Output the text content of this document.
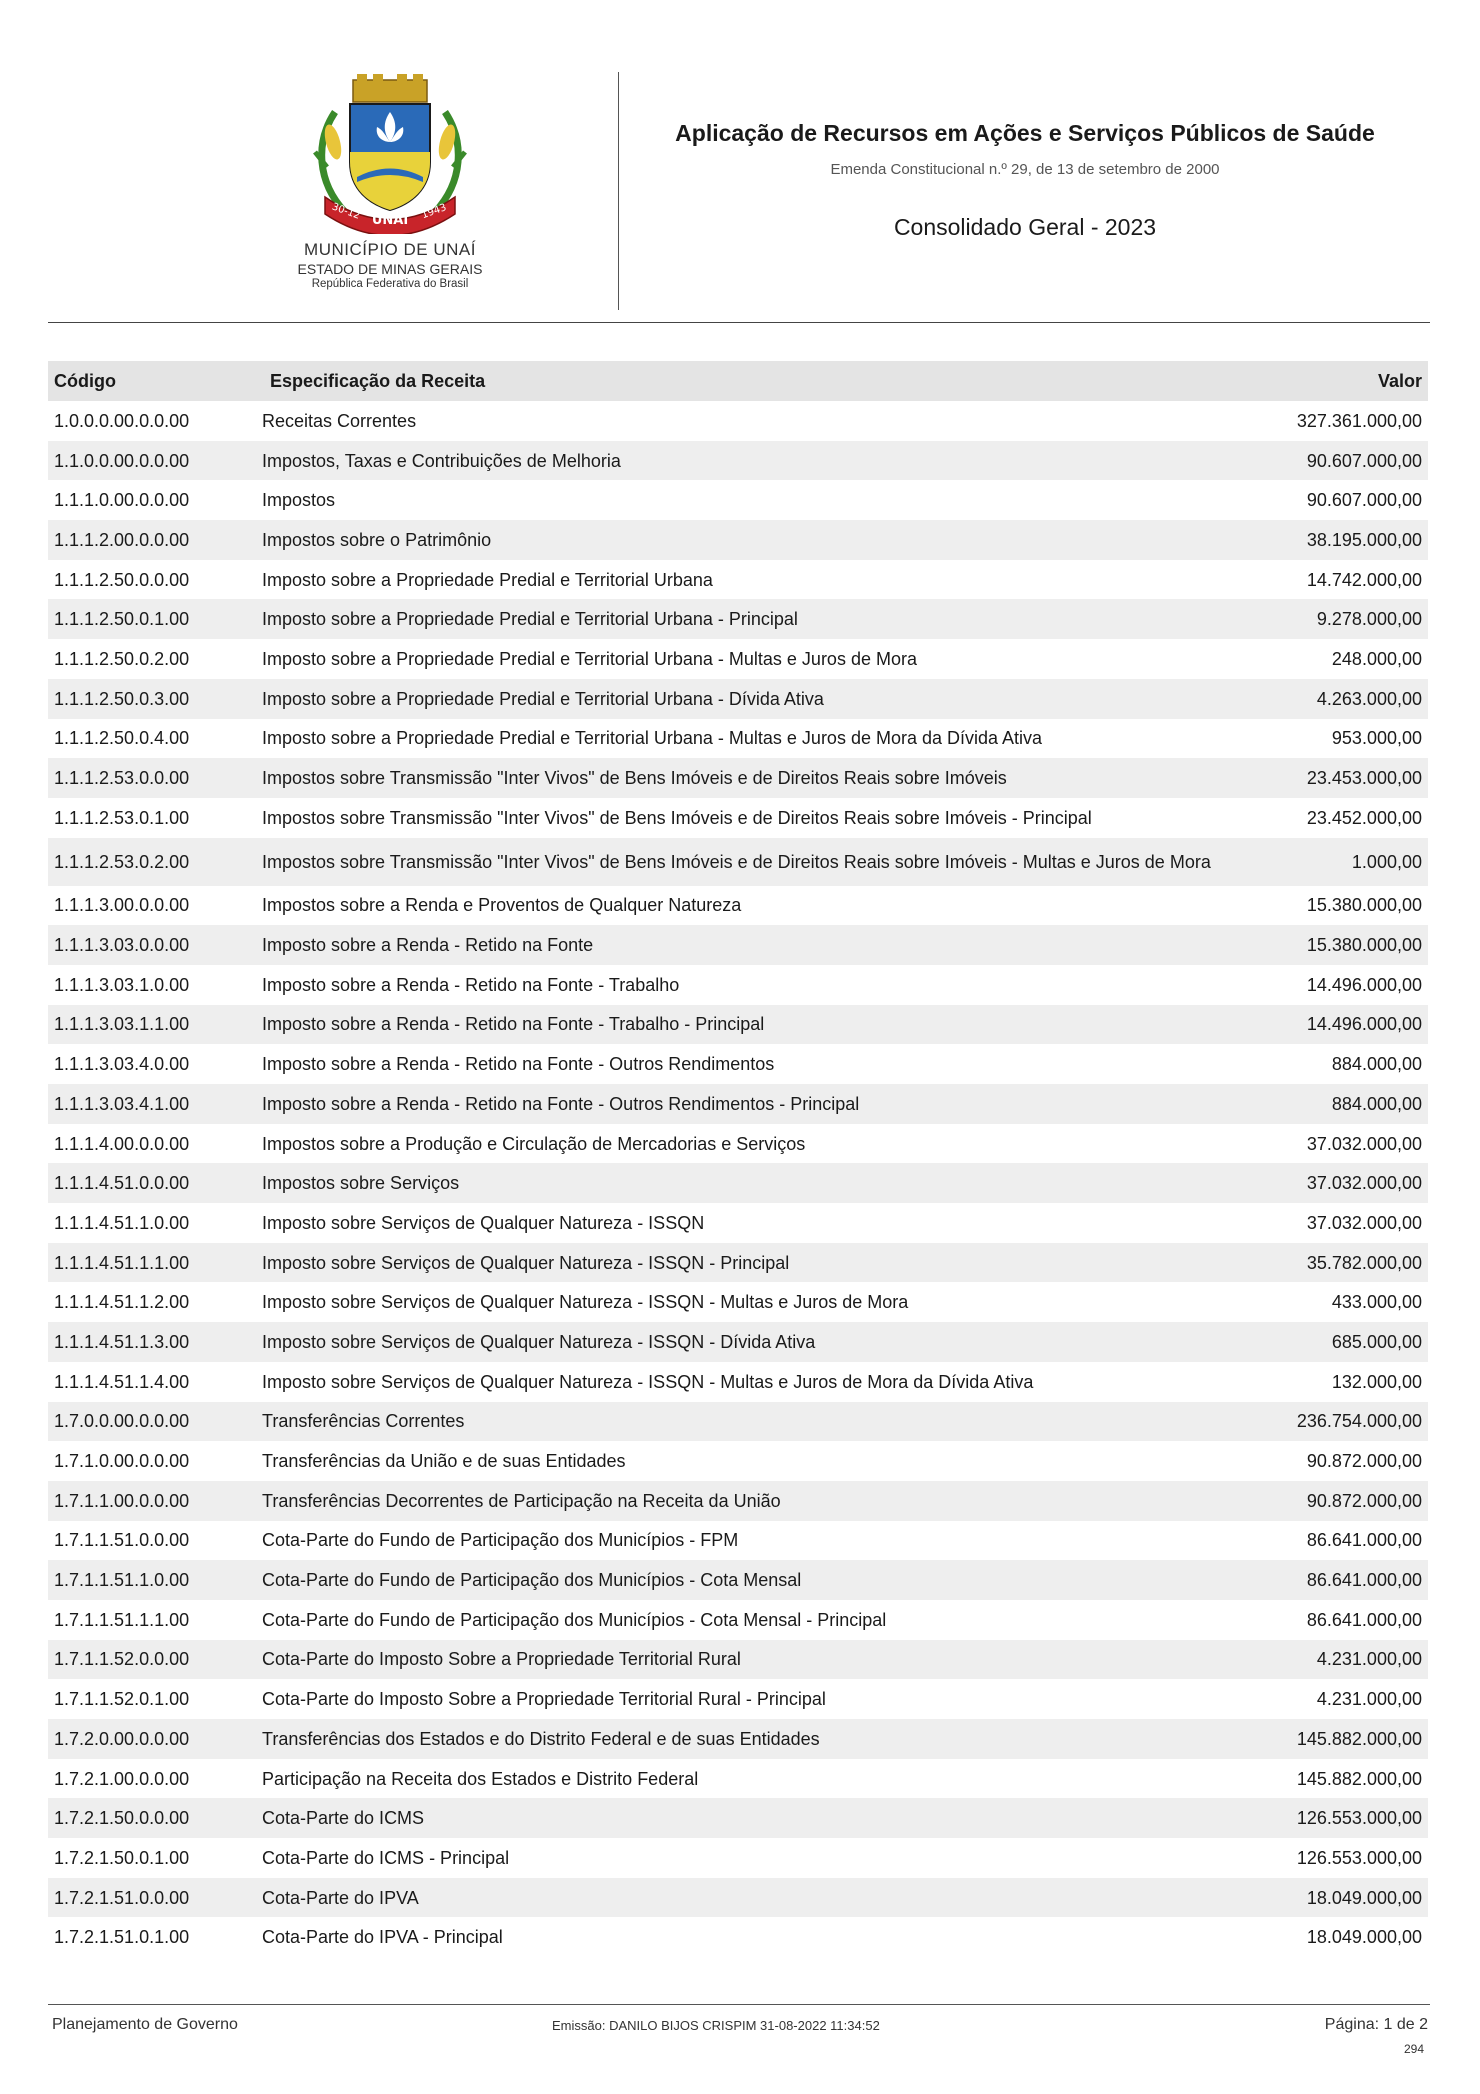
UNAÍ
30-12	1943
MUNICÍPIO DE UNAÍ
ESTADO DE MINAS GERAIS
República Federativa do Brasil
Aplicação de Recursos em Ações e Serviços Públicos de Saúde
Emenda Constitucional n.º 29, de 13 de setembro de 2000
Consolidado Geral - 2023
Código	Especificação da Receita	Valor
1.0.0.0.00.0.0.00	Receitas Correntes	327.361.000,00
1.1.0.0.00.0.0.00	Impostos, Taxas e Contribuições de Melhoria	90.607.000,00
1.1.1.0.00.0.0.00	Impostos	90.607.000,00
1.1.1.2.00.0.0.00	Impostos sobre o Patrimônio	38.195.000,00
1.1.1.2.50.0.0.00	Imposto sobre a Propriedade Predial e Territorial Urbana	14.742.000,00
1.1.1.2.50.0.1.00	Imposto sobre a Propriedade Predial e Territorial Urbana - Principal	9.278.000,00
1.1.1.2.50.0.2.00	Imposto sobre a Propriedade Predial e Territorial Urbana - Multas e Juros de Mora	248.000,00
1.1.1.2.50.0.3.00	Imposto sobre a Propriedade Predial e Territorial Urbana - Dívida Ativa	4.263.000,00
1.1.1.2.50.0.4.00	Imposto sobre a Propriedade Predial e Territorial Urbana - Multas e Juros de Mora da Dívida Ativa	953.000,00
1.1.1.2.53.0.0.00	Impostos sobre Transmissão "Inter Vivos" de Bens Imóveis e de Direitos Reais sobre Imóveis	23.453.000,00
1.1.1.2.53.0.1.00	Impostos sobre Transmissão "Inter Vivos" de Bens Imóveis e de Direitos Reais sobre Imóveis - Principal	23.452.000,00
1.1.1.2.53.0.2.00	Impostos sobre Transmissão "Inter Vivos" de Bens Imóveis e de Direitos Reais sobre Imóveis - Multas e Juros de Mora	1.000,00
1.1.1.3.00.0.0.00	Impostos sobre a Renda e Proventos de Qualquer Natureza	15.380.000,00
1.1.1.3.03.0.0.00	Imposto sobre a Renda - Retido na Fonte	15.380.000,00
1.1.1.3.03.1.0.00	Imposto sobre a Renda - Retido na Fonte - Trabalho	14.496.000,00
1.1.1.3.03.1.1.00	Imposto sobre a Renda - Retido na Fonte - Trabalho - Principal	14.496.000,00
1.1.1.3.03.4.0.00	Imposto sobre a Renda - Retido na Fonte - Outros Rendimentos	884.000,00
1.1.1.3.03.4.1.00	Imposto sobre a Renda - Retido na Fonte - Outros Rendimentos - Principal	884.000,00
1.1.1.4.00.0.0.00	Impostos sobre a Produção e Circulação de Mercadorias e Serviços	37.032.000,00
1.1.1.4.51.0.0.00	Impostos sobre Serviços	37.032.000,00
1.1.1.4.51.1.0.00	Imposto sobre Serviços de Qualquer Natureza - ISSQN	37.032.000,00
1.1.1.4.51.1.1.00	Imposto sobre Serviços de Qualquer Natureza - ISSQN - Principal	35.782.000,00
1.1.1.4.51.1.2.00	Imposto sobre Serviços de Qualquer Natureza - ISSQN - Multas e Juros de Mora	433.000,00
1.1.1.4.51.1.3.00	Imposto sobre Serviços de Qualquer Natureza - ISSQN - Dívida Ativa	685.000,00
1.1.1.4.51.1.4.00	Imposto sobre Serviços de Qualquer Natureza - ISSQN - Multas e Juros de Mora da Dívida Ativa	132.000,00
1.7.0.0.00.0.0.00	Transferências Correntes	236.754.000,00
1.7.1.0.00.0.0.00	Transferências da União e de suas Entidades	90.872.000,00
1.7.1.1.00.0.0.00	Transferências Decorrentes de Participação na Receita da União	90.872.000,00
1.7.1.1.51.0.0.00	Cota-Parte do Fundo de Participação dos Municípios - FPM	86.641.000,00
1.7.1.1.51.1.0.00	Cota-Parte do Fundo de Participação dos Municípios - Cota Mensal	86.641.000,00
1.7.1.1.51.1.1.00	Cota-Parte do Fundo de Participação dos Municípios - Cota Mensal - Principal	86.641.000,00
1.7.1.1.52.0.0.00	Cota-Parte do Imposto Sobre a Propriedade Territorial Rural	4.231.000,00
1.7.1.1.52.0.1.00	Cota-Parte do Imposto Sobre a Propriedade Territorial Rural - Principal	4.231.000,00
1.7.2.0.00.0.0.00	Transferências dos Estados e do Distrito Federal e de suas Entidades	145.882.000,00
1.7.2.1.00.0.0.00	Participação na Receita dos Estados e Distrito Federal	145.882.000,00
1.7.2.1.50.0.0.00	Cota-Parte do ICMS	126.553.000,00
1.7.2.1.50.0.1.00	Cota-Parte do ICMS - Principal	126.553.000,00
1.7.2.1.51.0.0.00	Cota-Parte do IPVA	18.049.000,00
1.7.2.1.51.0.1.00	Cota-Parte do IPVA - Principal	18.049.000,00
Planejamento de Governo	Emissão: DANILO BIJOS CRISPIM 31-08-2022 11:34:52	Página: 1 de 2
294
